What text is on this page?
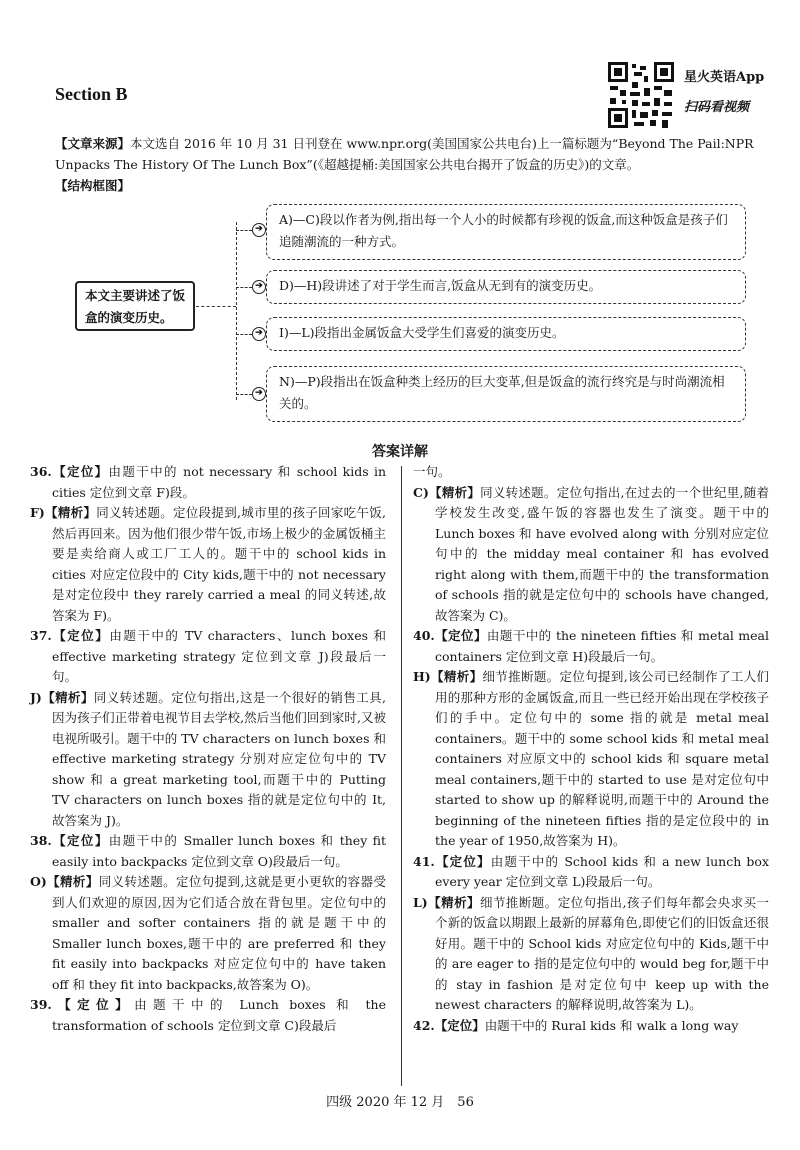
Section B
星火英语App
扫码看视频
【文章来源】本文选自 2016 年 10 月 31 日刊登在 www.npr.org(美国国家公共电台)上一篇标题为“Beyond The Pail:NPR Unpacks The History Of The Lunch Box”(《超越提桶:美国国家公共电台揭开了饭盒的历史》)的文章。
【结构框图】
本文主要讲述了饭盒的演变历史。
➔
➔
➔
➔
A)—C)段以作者为例,指出每一个人小的时候都有珍视的饭盒,而这种饭盒是孩子们追随潮流的一种方式。
D)—H)段讲述了对于学生而言,饭盒从无到有的演变历史。
I)—L)段指出金属饭盒大受学生们喜爱的演变历史。
N)—P)段指出在饭盒种类上经历的巨大变革,但是饭盒的流行终究是与时尚潮流相关的。
答案详解

36.【定位】由题干中的 not necessary 和 school kids in cities 定位到文章 F)段。

F)【精析】同义转述题。定位段提到,城市里的孩子回家吃午饭,然后再回来。因为他们很少带午饭,市场上极少的金属饭桶主要是卖给商人或工厂工人的。题干中的 school kids in cities 对应定位段中的 City kids,题干中的 not necessary 是对定位段中 they rarely carried a meal 的同义转述,故答案为 F)。

37.【定位】由题干中的 TV characters、lunch boxes 和 effective marketing strategy 定位到文章 J)段最后一句。

J)【精析】同义转述题。定位句指出,这是一个很好的销售工具,因为孩子们正带着电视节目去学校,然后当他们回到家时,又被电视所吸引。题干中的 TV characters on lunch boxes 和 effective marketing strategy 分别对应定位句中的 TV show 和 a great marketing tool,而题干中的 Putting TV characters on lunch boxes 指的就是定位句中的 It,故答案为 J)。

38.【定位】由题干中的 Smaller lunch boxes 和 they fit easily into backpacks 定位到文章 O)段最后一句。

O)【精析】同义转述题。定位句提到,这就是更小更软的容器受到人们欢迎的原因,因为它们适合放在背包里。定位句中的 smaller and softer containers 指的就是题干中的 Smaller lunch boxes,题干中的 are preferred 和 they fit easily into backpacks 对应定位句中的 have taken off 和 they fit into backpacks,故答案为 O)。

39.【定位】由题干中的 Lunch boxes 和 the transformation of schools 定位到文章 C)段最后

一句。

C)【精析】同义转述题。定位句指出,在过去的一个世纪里,随着学校发生改变,盛午饭的容器也发生了演变。题干中的 Lunch boxes 和 have evolved along with 分别对应定位句中的 the midday meal container 和 has evolved right along with them,而题干中的 the transformation of schools 指的就是定位句中的 schools have changed,故答案为 C)。

40.【定位】由题干中的 the nineteen fifties 和 metal meal containers 定位到文章 H)段最后一句。

H)【精析】细节推断题。定位句提到,该公司已经制作了工人们用的那种方形的金属饭盒,而且一些已经开始出现在学校孩子们的手中。定位句中的 some 指的就是 metal meal containers。题干中的 some school kids 和 metal meal containers 对应原文中的 school kids 和 square metal meal containers,题干中的 started to use 是对定位句中 started to show up 的解释说明,而题干中的 Around the beginning of the nineteen fifties 指的是定位段中的 in the year of 1950,故答案为 H)。

41.【定位】由题干中的 School kids 和 a new lunch box every year 定位到文章 L)段最后一句。

L)【精析】细节推断题。定位句指出,孩子们每年都会央求买一个新的饭盒以期跟上最新的屏幕角色,即使它们的旧饭盒还很好用。题干中的 School kids 对应定位句中的 Kids,题干中的 are eager to 指的是定位句中的 would beg for,题干中的 stay in fashion 是对定位句中 keep up with the newest characters 的解释说明,故答案为 L)。

42.【定位】由题干中的 Rural kids 和 walk a long way

四级 2020 年 12 月　56
